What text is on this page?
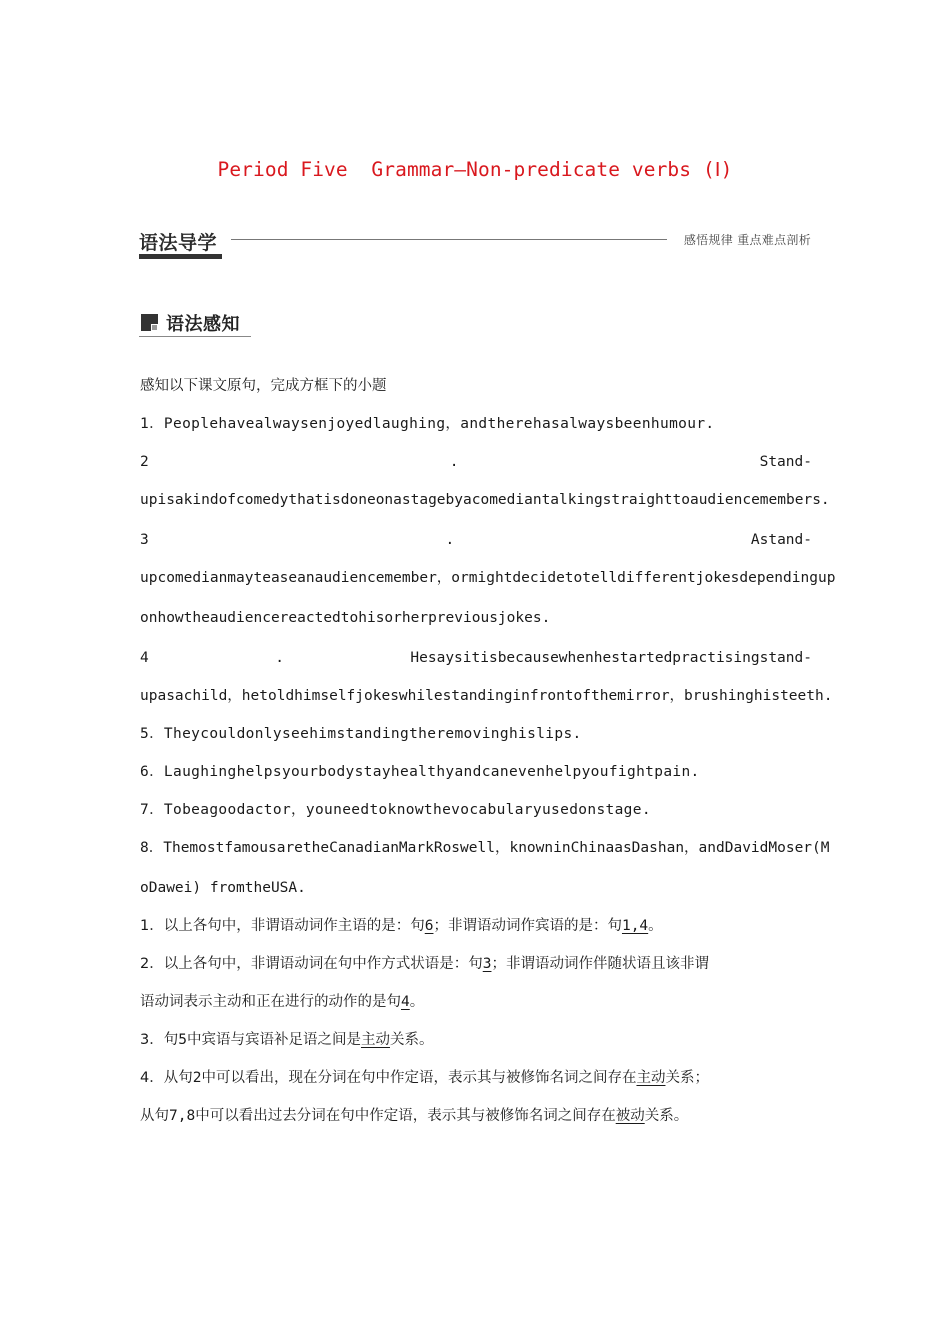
Period Five  Grammar—Non-predicate verbs (Ⅰ)
语法导学	感悟规律 重点难点剖析
语法感知
感知以下课文原句，完成方框下的小题
1．Peoplehavealwaysenjoyedlaughing，andtherehasalwaysbeenhumour.
2	.	Stand-
upisakindofcomedythatisdoneonastagebyacomediantalkingstraighttoaudiencemembers.
3	.	Astand-
upcomedianmayteaseanaudiencemember，ormightdecidetotelldifferentjokesdependingup
onhowtheaudiencereactedtohisorherpreviousjokes.
4	.	Hesaysitisbecausewhenhestartedpractisingstand-
upasachild，hetoldhimselfjokeswhilestandinginfrontofthemirror，brushinghisteeth.
5．Theycouldonlyseehimstandingtheremovinghislips.
6．Laughinghelpsyourbodystayhealthyandcanevenhelpyoufightpain.
7．Tobeagoodactor，youneedtoknowthevocabularyusedonstage.
8．ThemostfamousaretheCanadianMarkRoswell，knowninChinaasDashan，andDavidMoser(M
oDawei) fromtheUSA.
1．以上各句中，非谓语动词作主语的是：句6；非谓语动词作宾语的是：句1,4。
2．以上各句中，非谓语动词在句中作方式状语是：句3；非谓语动词作伴随状语且该非谓
语动词表示主动和正在进行的动作的是句4。
3．句5中宾语与宾语补足语之间是主动关系。
4．从句2中可以看出，现在分词在句中作定语，表示其与被修饰名词之间存在主动关系；
从句7,8中可以看出过去分词在句中作定语，表示其与被修饰名词之间存在被动关系。
